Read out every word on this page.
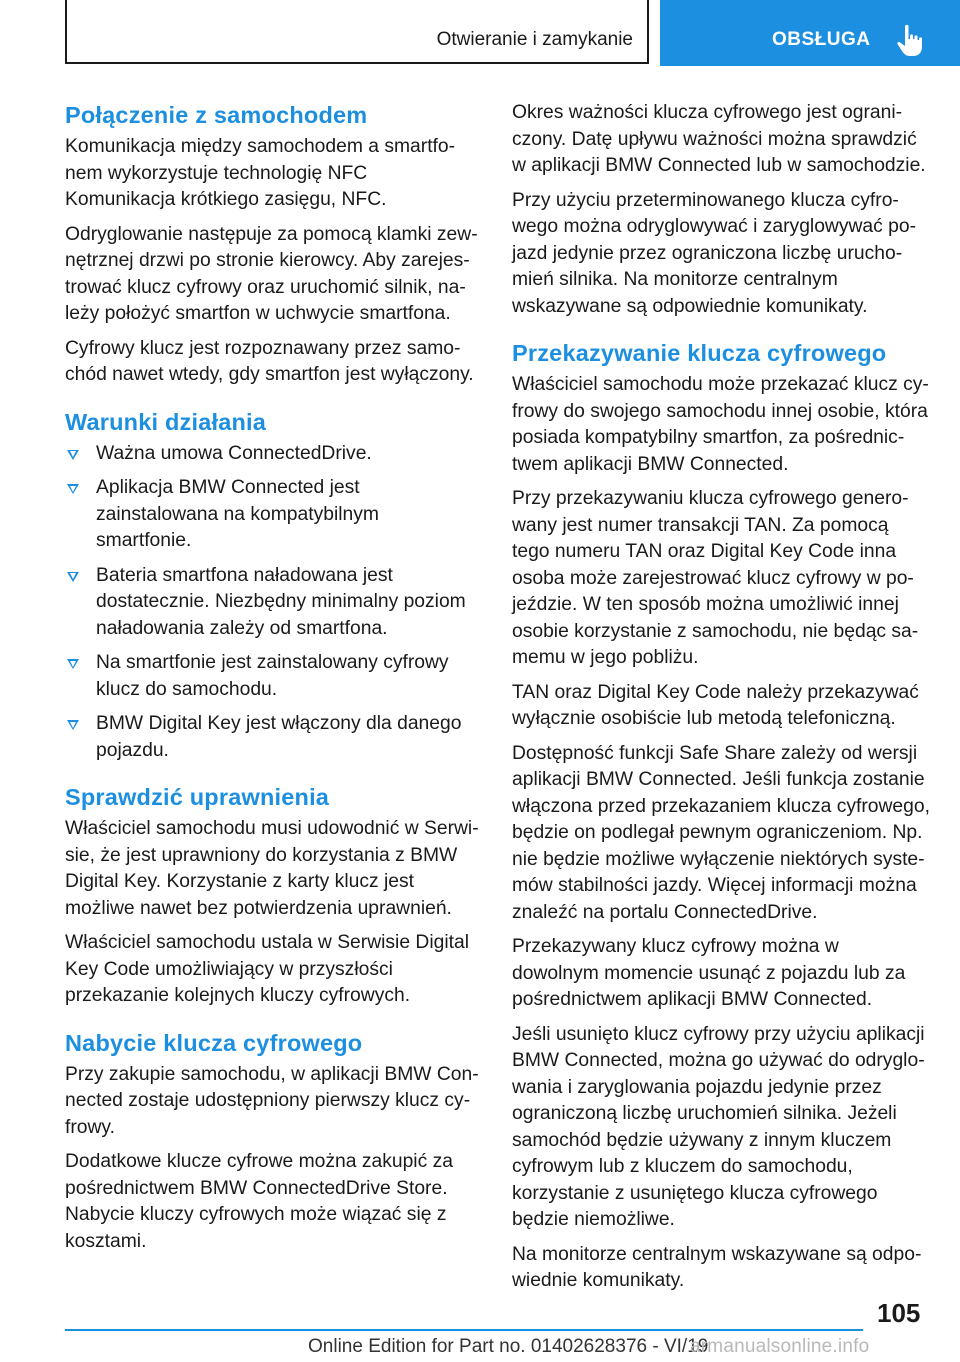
Otwieranie i zamykanie	OBSŁUGA
Połączenie z samochodem

Komunikacja między samochodem a smartfonem wykorzystuje technologię NFC Komunikacja krótkiego zasięgu, NFC.

Odryglowanie następuje za pomocą klamki zewnętrznej drzwi po stronie kierowcy. Aby zarejestrować klucz cyfrowy oraz uruchomić silnik, należy położyć smartfon w uchwycie smartfona.

Cyfrowy klucz jest rozpoznawany przez samochód nawet wtedy, gdy smartfon jest wyłączony.

Warunki działania
Ważna umowa ConnectedDrive.
Aplikacja BMW Connected jest zainstalowana na kompatybilnym smartfonie.
Bateria smartfona naładowana jest dostatecznie. Niezbędny minimalny poziom naładowania zależy od smartfona.
Na smartfonie jest zainstalowany cyfrowy klucz do samochodu.
BMW Digital Key jest włączony dla danego pojazdu.
Sprawdzić uprawnienia

Właściciel samochodu musi udowodnić w Serwisie, że jest uprawniony do korzystania z BMW Digital Key. Korzystanie z karty klucz jest możliwe nawet bez potwierdzenia uprawnień.

Właściciel samochodu ustala w Serwisie Digital Key Code umożliwiający w przyszłości przekazanie kolejnych kluczy cyfrowych.

Nabycie klucza cyfrowego

Przy zakupie samochodu, w aplikacji BMW Connected zostaje udostępniony pierwszy klucz cyfrowy.

Dodatkowe klucze cyfrowe można zakupić za pośrednictwem BMW ConnectedDrive Store. Nabycie kluczy cyfrowych może wiązać się z kosztami.

Okres ważności klucza cyfrowego jest ograniczony. Datę upływu ważności można sprawdzić w aplikacji BMW Connected lub w samochodzie.

Przy użyciu przeterminowanego klucza cyfrowego można odryglowywać i zaryglowywać pojazd jedynie przez ograniczona liczbę uruchomień silnika. Na monitorze centralnym wskazywane są odpowiednie komunikaty.

Przekazywanie klucza cyfrowego

Właściciel samochodu może przekazać klucz cyfrowy do swojego samochodu innej osobie, która posiada kompatybilny smartfon, za pośrednictwem aplikacji BMW Connected.

Przy przekazywaniu klucza cyfrowego generowany jest numer transakcji TAN. Za pomocą tego numeru TAN oraz Digital Key Code inna osoba może zarejestrować klucz cyfrowy w pojeździe. W ten sposób można umożliwić innej osobie korzystanie z samochodu, nie będąc samemu w jego pobliżu.

TAN oraz Digital Key Code należy przekazywać wyłącznie osobiście lub metodą telefoniczną.

Dostępność funkcji Safe Share zależy od wersji aplikacji BMW Connected. Jeśli funkcja zostanie włączona przed przekazaniem klucza cyfrowego, będzie on podlegał pewnym ograniczeniom. Np. nie będzie możliwe wyłączenie niektórych systemów stabilności jazdy. Więcej informacji można znaleźć na portalu ConnectedDrive.

Przekazywany klucz cyfrowy można w dowolnym momencie usunąć z pojazdu lub za pośrednictwem aplikacji BMW Connected.

Jeśli usunięto klucz cyfrowy przy użyciu aplikacji BMW Connected, można go używać do odryglowania i zaryglowania pojazdu jedynie przez ograniczoną liczbę uruchomień silnika. Jeżeli samochód będzie używany z innym kluczem cyfrowym lub z kluczem do samochodu, korzystanie z usuniętego klucza cyfrowego będzie niemożliwe.

Na monitorze centralnym wskazywane są odpowiednie komunikaty.

105
Online Edition for Part no. 01402628376 - VI/19
armanualsonline.info
